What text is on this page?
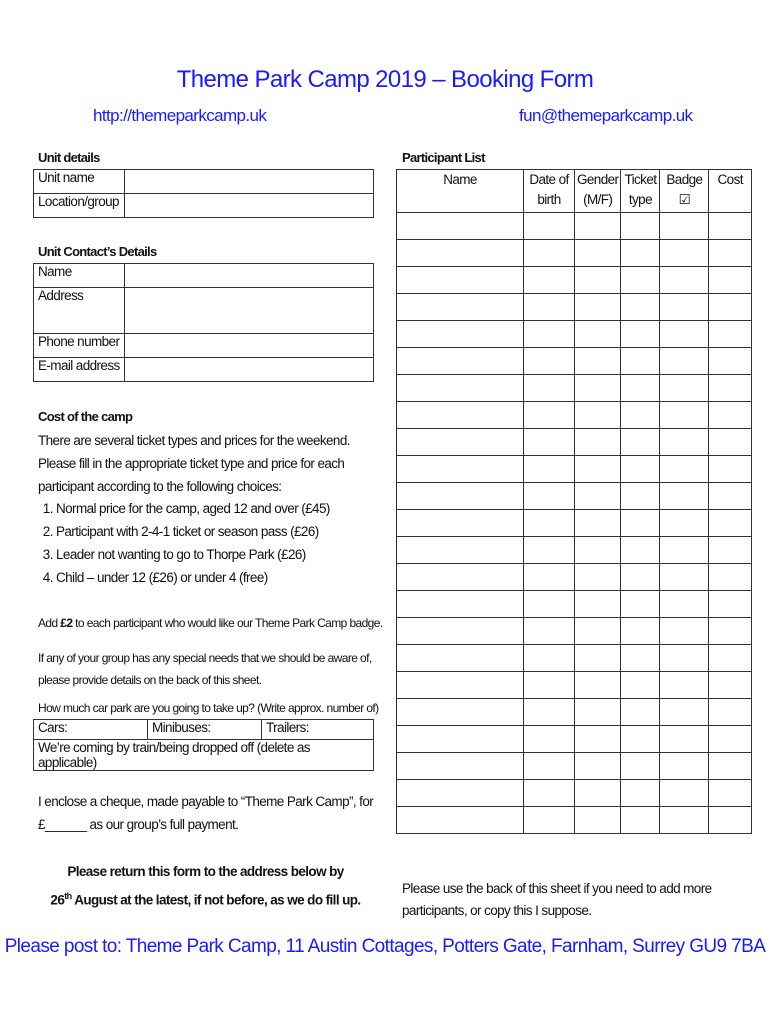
Theme Park Camp 2019 – Booking Form
http://themeparkcamp.uk	fun@themeparkcamp.uk
Unit details
Unit name	
Location/group	
Unit Contact’s Details
Name	
Address	
Phone number	
E-mail address	
Cost of the camp
There are several ticket types and prices for the weekend. Please fill in the appropriate ticket type and price for each participant according to the following choices:
1. Normal price for the camp, aged 12 and over (£45)
2. Participant with 2-4-1 ticket or season pass (£26)
3. Leader not wanting to go to Thorpe Park (£26)
4. Child – under 12 (£26) or under 4 (free)
Add £2 to each participant who would like our Theme Park Camp badge.
If any of your group has any special needs that we should be aware of, please provide details on the back of this sheet.
How much car park are you going to take up? (Write approx. number of)
Cars:	Minibuses:	Trailers:
We’re coming by train/being dropped off (delete as applicable)
I enclose a cheque, made payable to “Theme Park Camp”, for
£______ as our group’s full payment.
Please return this form to the address below by
26th August at the latest, if not before, as we do fill up.
Participant List
Name	Date of birth	Gender (M/F)	Ticket type	Badge ☑	Cost

Please use the back of this sheet if you need to add more participants, or copy this I suppose.
Please post to: Theme Park Camp, 11 Austin Cottages, Potters Gate, Farnham, Surrey GU9 7BA
